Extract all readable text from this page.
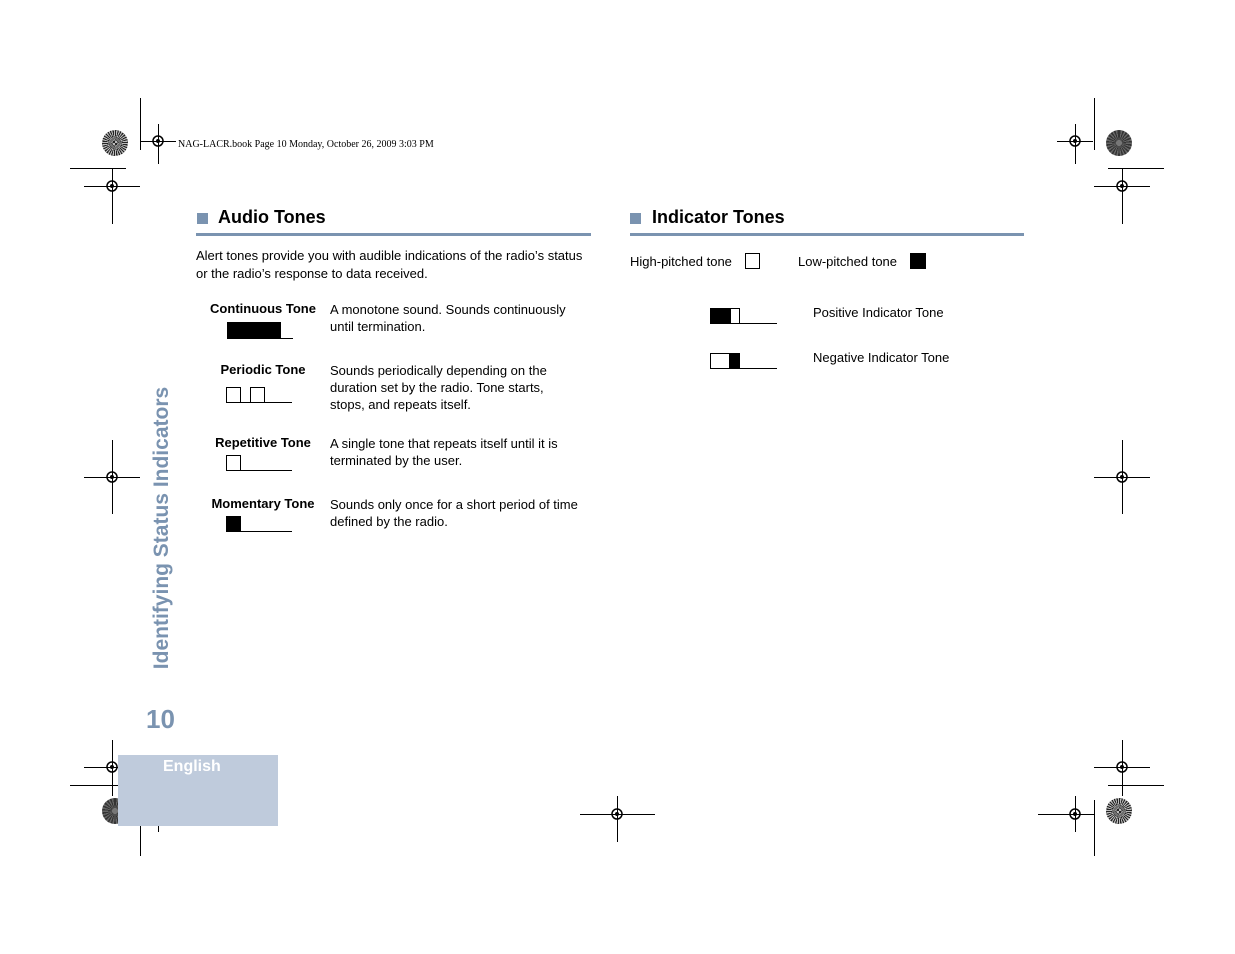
NAG-LACR.book Page 10 Monday, October 26, 2009 3:03 PM
Audio Tones
Alert tones provide you with audible indications of the radio’s status or the radio’s response to data received.
Continuous Tone	A monotone sound. Sounds continuously until termination.
Periodic Tone	Sounds periodically depending on the duration set by the radio. Tone starts, stops, and repeats itself.
Repetitive Tone	A single tone that repeats itself until it is terminated by the user.
Momentary Tone	Sounds only once for a short period of time defined by the radio.
Indicator Tones
High-pitched tone	Low-pitched tone
Positive Indicator Tone
Negative Indicator Tone
Identifying Status Indicators
10
English
